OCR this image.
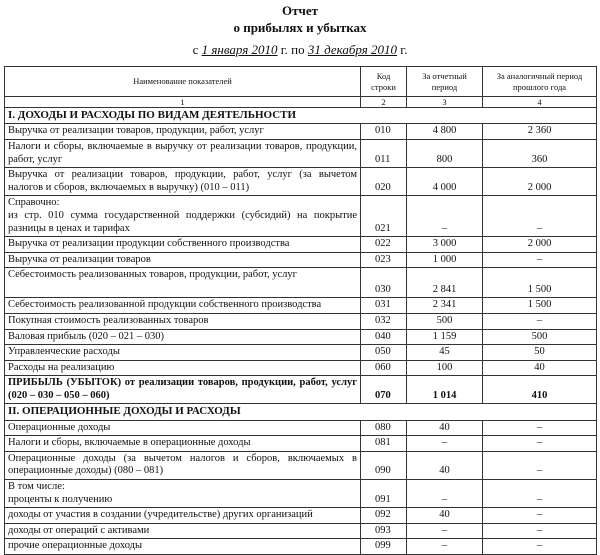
Отчет
о прибылях и убытках
с 1 января 2010 г. по 31 декабря 2010 г.
Наименование показателей	Код строки	За отчетный период	За аналогичный период прошлого года
1	2	3	4
I. ДОХОДЫ И РАСХОДЫ ПО ВИДАМ ДЕЯТЕЛЬНОСТИ			
Выручка от реализации товаров, продукции, работ, услуг	010	4 800	2 360
Налоги и сборы, включаемые в выручку от реализации товаров, продукции, работ, услуг	011	800	360
Выручка от реализации товаров, продукции, работ, услуг (за вычетом налогов и сборов, включаемых в выручку) (010 – 011)	020	4 000	2 000

Справочно:
из стр. 010 сумма государственной поддержки (субсидий) на покрытие разницы в ценах и тарифах	021	–	–
Выручка от реализации продукции собственного производства	022	3 000	2 000
Выручка от реализации товаров	023	1 000	–
Себестоимость реализованных товаров, продукции, работ, услуг	030	2 841	1 500
Себестоимость реализованной продукции собственного производства	031	2 341	1 500
Покупная стоимость реализованных товаров	032	500	–
Валовая прибыль (020 – 021 – 030)	040	1 159	500
Управленческие расходы	050	45	50
Расходы на реализацию	060	100	40
ПРИБЫЛЬ (УБЫТОК) от реализации товаров, продукции, работ, услуг (020 – 030 – 050 – 060)	070	1 014	410
II. ОПЕРАЦИОННЫЕ ДОХОДЫ И РАСХОДЫ			
Операционные доходы	080	40	–
Налоги и сборы, включаемые в операционные доходы	081	–	–
Операционные доходы (за вычетом налогов и сборов, включаемых в операционные доходы) (080 – 081)	090	40	–

В том числе:
проценты к получению	091	–	–
доходы от участия в создании (учредительстве) других организаций	092	40	–
доходы от операций с активами	093	–	–
прочие операционные доходы	099	–	–
